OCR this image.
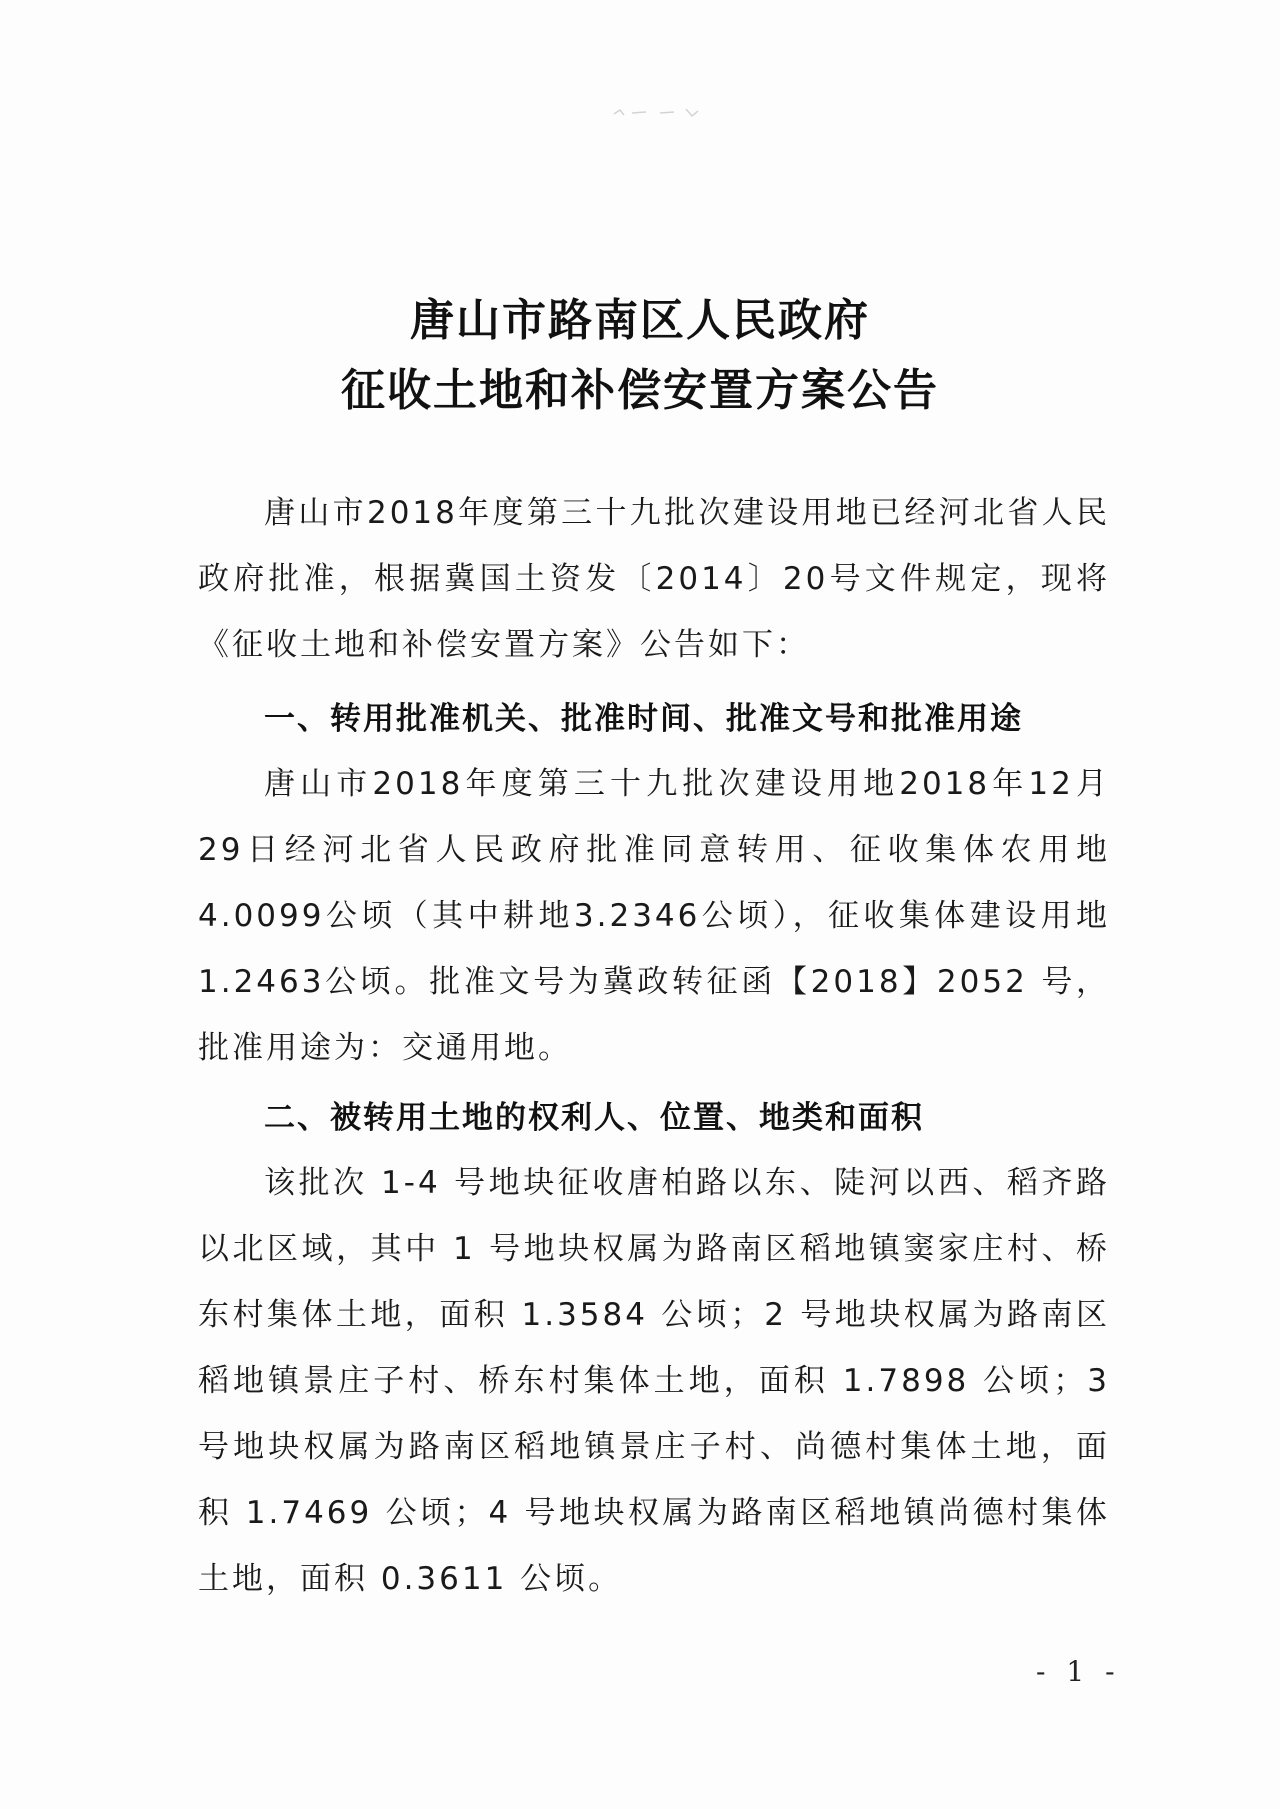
唐山市路南区人民政府
征收土地和补偿安置方案公告
唐山市2018年度第三十九批次建设用地已经河北省人民政府批准，根据冀国土资发〔2014〕20号文件规定，现将《征收土地和补偿安置方案》公告如下：
一、转用批准机关、批准时间、批准文号和批准用途
唐山市2018年度第三十九批次建设用地2018年12月29日经河北省人民政府批准同意转用、征收集体农用地 4.0099公顷（其中耕地3.2346公顷），征收集体建设用地 1.2463公顷。批准文号为冀政转征函【2018】2052 号，批准用途为：交通用地。
二、被转用土地的权利人、位置、地类和面积
该批次 1-4 号地块征收唐柏路以东、陡河以西、稻齐路以北区域，其中 1 号地块权属为路南区稻地镇窦家庄村、桥东村集体土地，面积 1.3584 公顷；2 号地块权属为路南区稻地镇景庄子村、桥东村集体土地，面积 1.7898 公顷；3 号地块权属为路南区稻地镇景庄子村、尚德村集体土地，面积 1.7469 公顷；4 号地块权属为路南区稻地镇尚德村集体土地，面积 0.3611 公顷。
- 1 -
